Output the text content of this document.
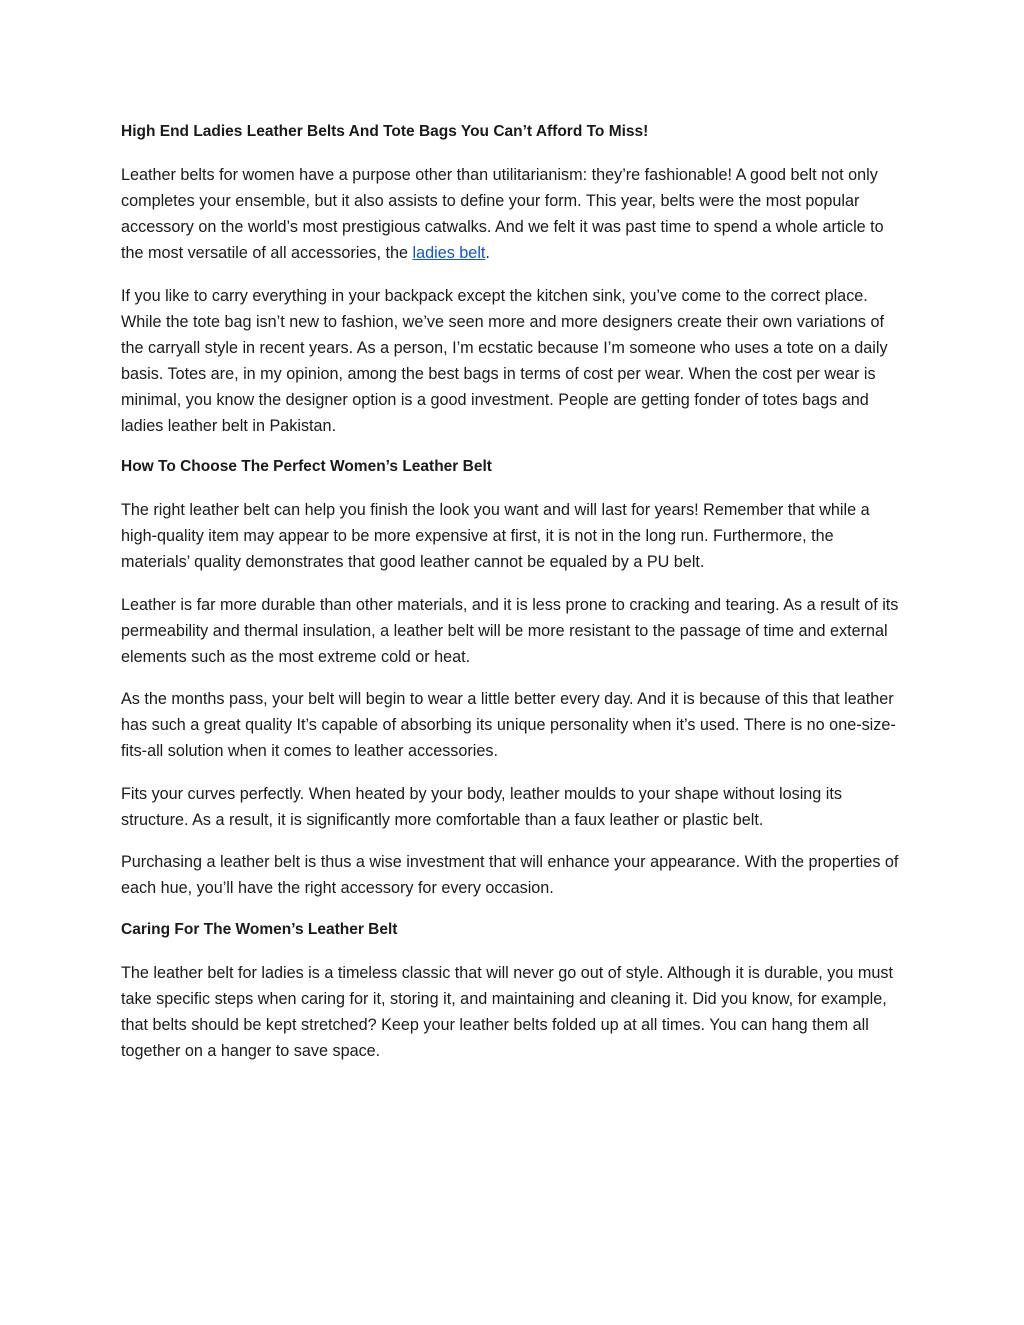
High End Ladies Leather Belts And Tote Bags You Can’t Afford To Miss!

Leather belts for women have a purpose other than utilitarianism: they’re fashionable! A good belt not only completes your ensemble, but it also assists to define your form. This year, belts were the most popular accessory on the world’s most prestigious catwalks. And we felt it was past time to spend a whole article to the most versatile of all accessories, the ladies belt.

If you like to carry everything in your backpack except the kitchen sink, you’ve come to the correct place. While the tote bag isn’t new to fashion, we’ve seen more and more designers create their own variations of the carryall style in recent years. As a person, I’m ecstatic because I’m someone who uses a tote on a daily basis. Totes are, in my opinion, among the best bags in terms of cost per wear. When the cost per wear is minimal, you know the designer option is a good investment. People are getting fonder of totes bags and ladies leather belt in Pakistan.

How To Choose The Perfect Women’s Leather Belt

The right leather belt can help you finish the look you want and will last for years! Remember that while a high-quality item may appear to be more expensive at first, it is not in the long run. Furthermore, the materials’ quality demonstrates that good leather cannot be equaled by a PU belt.

Leather is far more durable than other materials, and it is less prone to cracking and tearing. As a result of its permeability and thermal insulation, a leather belt will be more resistant to the passage of time and external elements such as the most extreme cold or heat.

As the months pass, your belt will begin to wear a little better every day. And it is because of this that leather has such a great quality It’s capable of absorbing its unique personality when it’s used. There is no one-size-fits-all solution when it comes to leather accessories.

Fits your curves perfectly. When heated by your body, leather moulds to your shape without losing its structure. As a result, it is significantly more comfortable than a faux leather or plastic belt.

Purchasing a leather belt is thus a wise investment that will enhance your appearance. With the properties of each hue, you’ll have the right accessory for every occasion.

Caring For The Women’s Leather Belt

The leather belt for ladies is a timeless classic that will never go out of style. Although it is durable, you must take specific steps when caring for it, storing it, and maintaining and cleaning it. Did you know, for example, that belts should be kept stretched? Keep your leather belts folded up at all times. You can hang them all together on a hanger to save space.
